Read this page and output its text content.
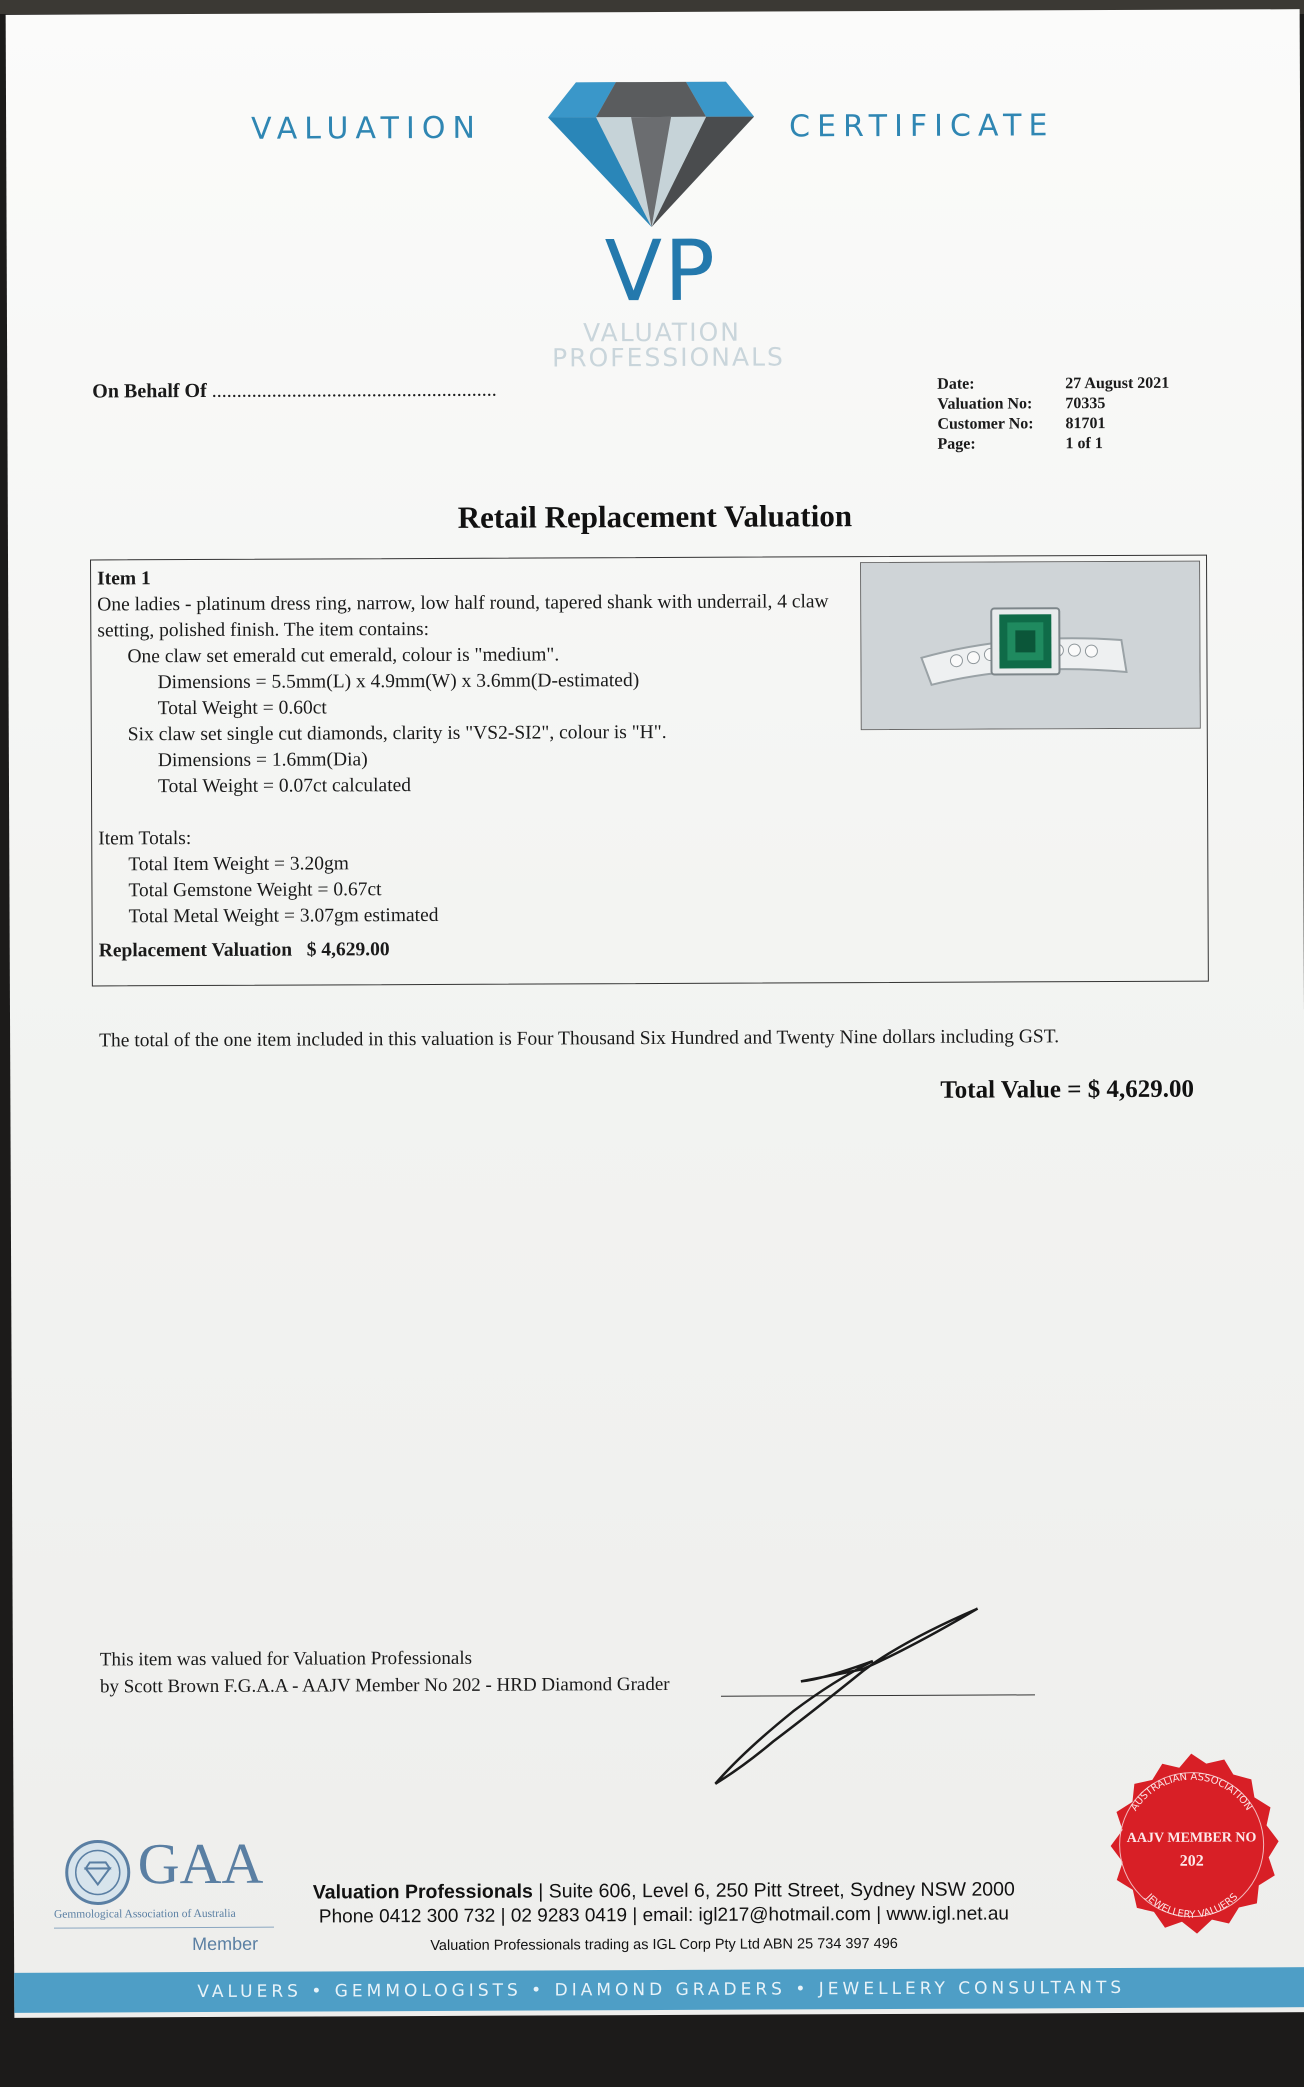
VALUATION	CERTIFICATE
VP
VALUATION
PROFESSIONALS
On Behalf Of .........................................................	Date:	27 August 2021
Valuation No:	70335
Customer No:	81701
Page:	1 of 1
Retail Replacement Valuation
Item 1
One ladies - platinum dress ring, narrow, low half round, tapered shank with underrail, 4 claw setting, polished finish. The item contains:
One claw set emerald cut emerald, colour is "medium".
Dimensions = 5.5mm(L) x 4.9mm(W) x 3.6mm(D-estimated)
Total Weight = 0.60ct
Six claw set single cut diamonds, clarity is "VS2-SI2", colour is "H".
Dimensions = 1.6mm(Dia)
Total Weight = 0.07ct calculated
Item Totals:
Total Item Weight = 3.20gm
Total Gemstone Weight = 0.67ct
Total Metal Weight = 3.07gm estimated
Replacement Valuation $ 4,629.00
The total of the one item included in this valuation is Four Thousand Six Hundred and Twenty Nine dollars including GST.
Total Value = $ 4,629.00
This item was valued for Valuation Professionals
by Scott Brown F.G.A.A - AAJV Member No 202 - HRD Diamond Grader
GAA
Gemmological Association of Australia
Member
Valuation Professionals | Suite 606, Level 6, 250 Pitt Street, Sydney NSW 2000
Phone 0412 300 732 | 02 9283 0419 | email: igl217@hotmail.com | www.igl.net.au
Valuation Professionals trading as IGL Corp Pty Ltd ABN 25 734 397 496
AUSTRALIAN ASSOCIATION
JEWELLERY VALUERS
AAJV MEMBER NO
202
VALUERS • GEMMOLOGISTS • DIAMOND GRADERS • JEWELLERY CONSULTANTS
